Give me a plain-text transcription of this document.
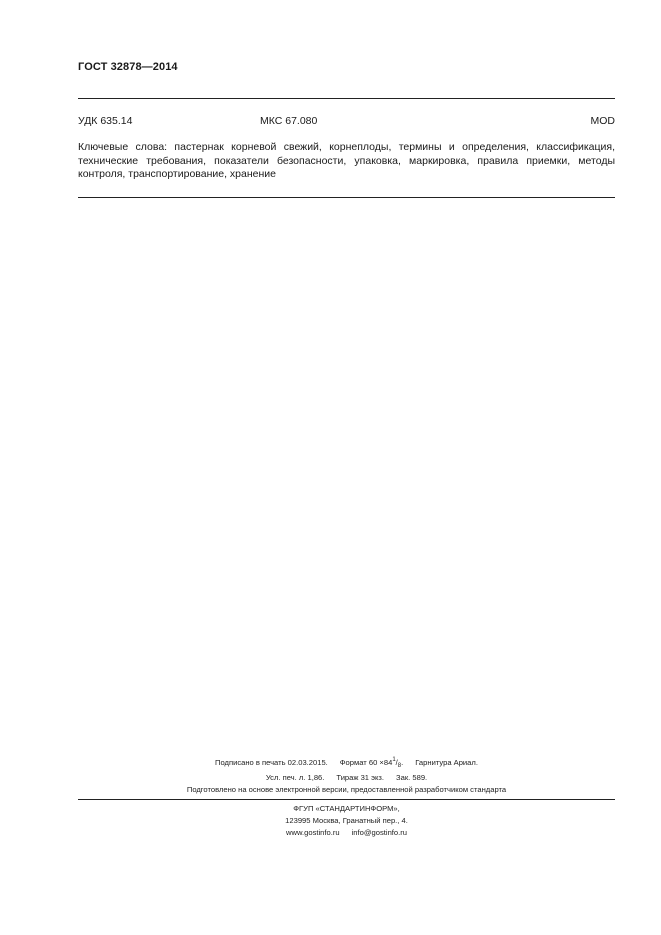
ГОСТ 32878—2014
УДК 635.14	МКС 67.080	MOD
Ключевые слова: пастернак корневой свежий, корнеплоды, термины и определения, классификация, технические требования, показатели безопасности, упаковка, маркировка, правила приемки, методы контроля, транспортирование, хранение
Подписано в печать 02.03.2015. Формат $60 \times 84^1/_8$. Гарнитура Ариал.
Усл. печ. л. 1,86. Тираж 31 экз. Зак. 589.
Подготовлено на основе электронной версии, предоставленной разработчиком стандарта
ФГУП «СТАНДАРТИНФОРМ»,
123995 Москва, Гранатный пер., 4.
www.gostinfo.ru info@gostinfo.ru
